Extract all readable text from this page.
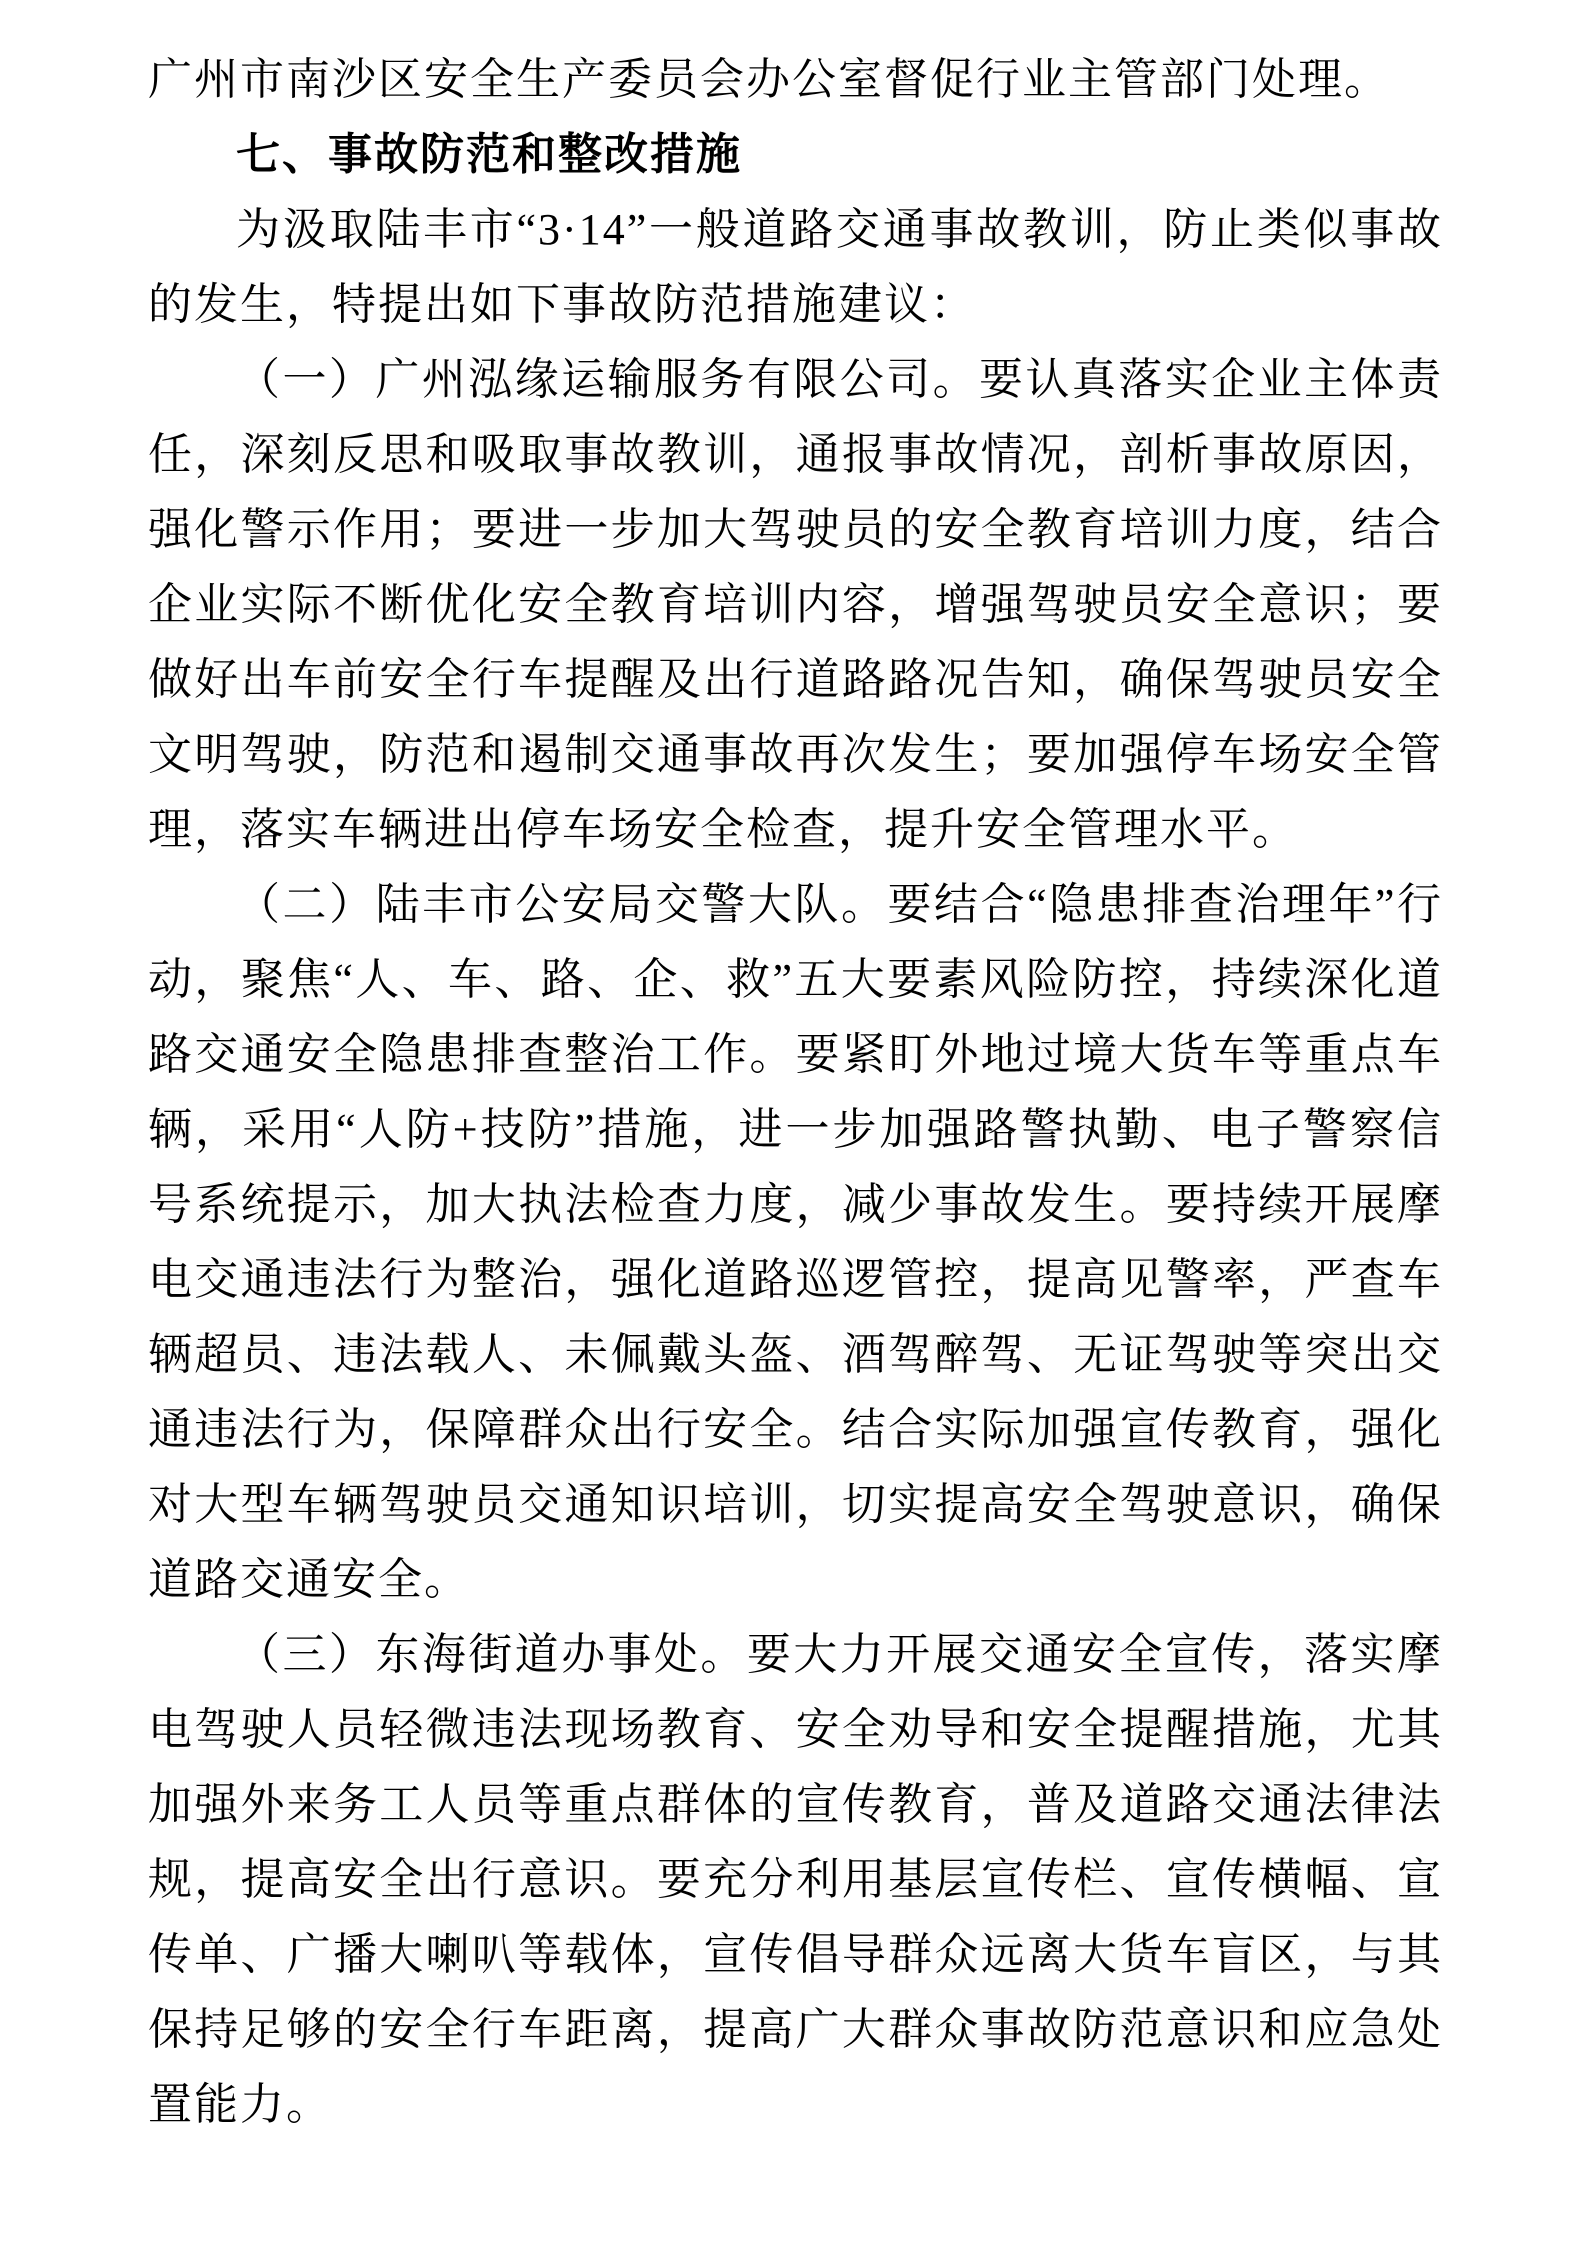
广州市南沙区安全生产委员会办公室督促行业主管部门处理。

七、事故防范和整改措施

为汲取陆丰市“3·14”一般道路交通事故教训，防止类似事故的发生，特提出如下事故防范措施建议：

（一）广州泓缘运输服务有限公司。要认真落实企业主体责任，深刻反思和吸取事故教训，通报事故情况，剖析事故原因，强化警示作用；要进一步加大驾驶员的安全教育培训力度，结合企业实际不断优化安全教育培训内容，增强驾驶员安全意识；要做好出车前安全行车提醒及出行道路路况告知，确保驾驶员安全文明驾驶，防范和遏制交通事故再次发生；要加强停车场安全管理，落实车辆进出停车场安全检查，提升安全管理水平。

（二）陆丰市公安局交警大队。要结合“隐患排查治理年”行动，聚焦“人、车、路、企、救”五大要素风险防控，持续深化道路交通安全隐患排查整治工作。要紧盯外地过境大货车等重点车辆，采用“人防+技防”措施，进一步加强路警执勤、电子警察信号系统提示，加大执法检查力度，减少事故发生。要持续开展摩电交通违法行为整治，强化道路巡逻管控，提高见警率，严查车辆超员、违法载人、未佩戴头盔、酒驾醉驾、无证驾驶等突出交通违法行为，保障群众出行安全。结合实际加强宣传教育，强化对大型车辆驾驶员交通知识培训，切实提高安全驾驶意识，确保道路交通安全。

（三）东海街道办事处。要大力开展交通安全宣传，落实摩电驾驶人员轻微违法现场教育、安全劝导和安全提醒措施，尤其加强外来务工人员等重点群体的宣传教育，普及道路交通法律法规，提高安全出行意识。要充分利用基层宣传栏、宣传横幅、宣传单、广播大喇叭等载体，宣传倡导群众远离大货车盲区，与其保持足够的安全行车距离，提高广大群众事故防范意识和应急处置能力。
